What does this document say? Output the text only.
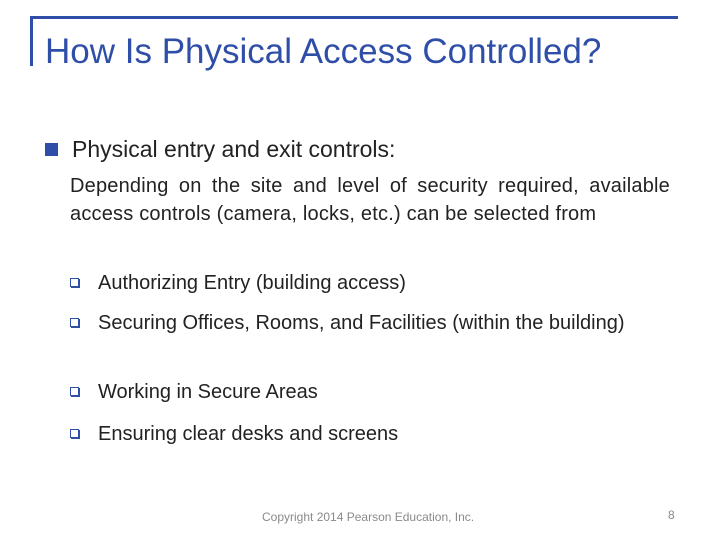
How Is Physical Access Controlled?
Physical entry and exit controls:
Depending on the site and level of security required, available access controls (camera, locks, etc.) can be selected from
Authorizing Entry (building access)
Securing Offices, Rooms, and Facilities (within the building)
Working in Secure Areas
Ensuring clear desks and screens
Copyright 2014 Pearson Education, Inc.	8
